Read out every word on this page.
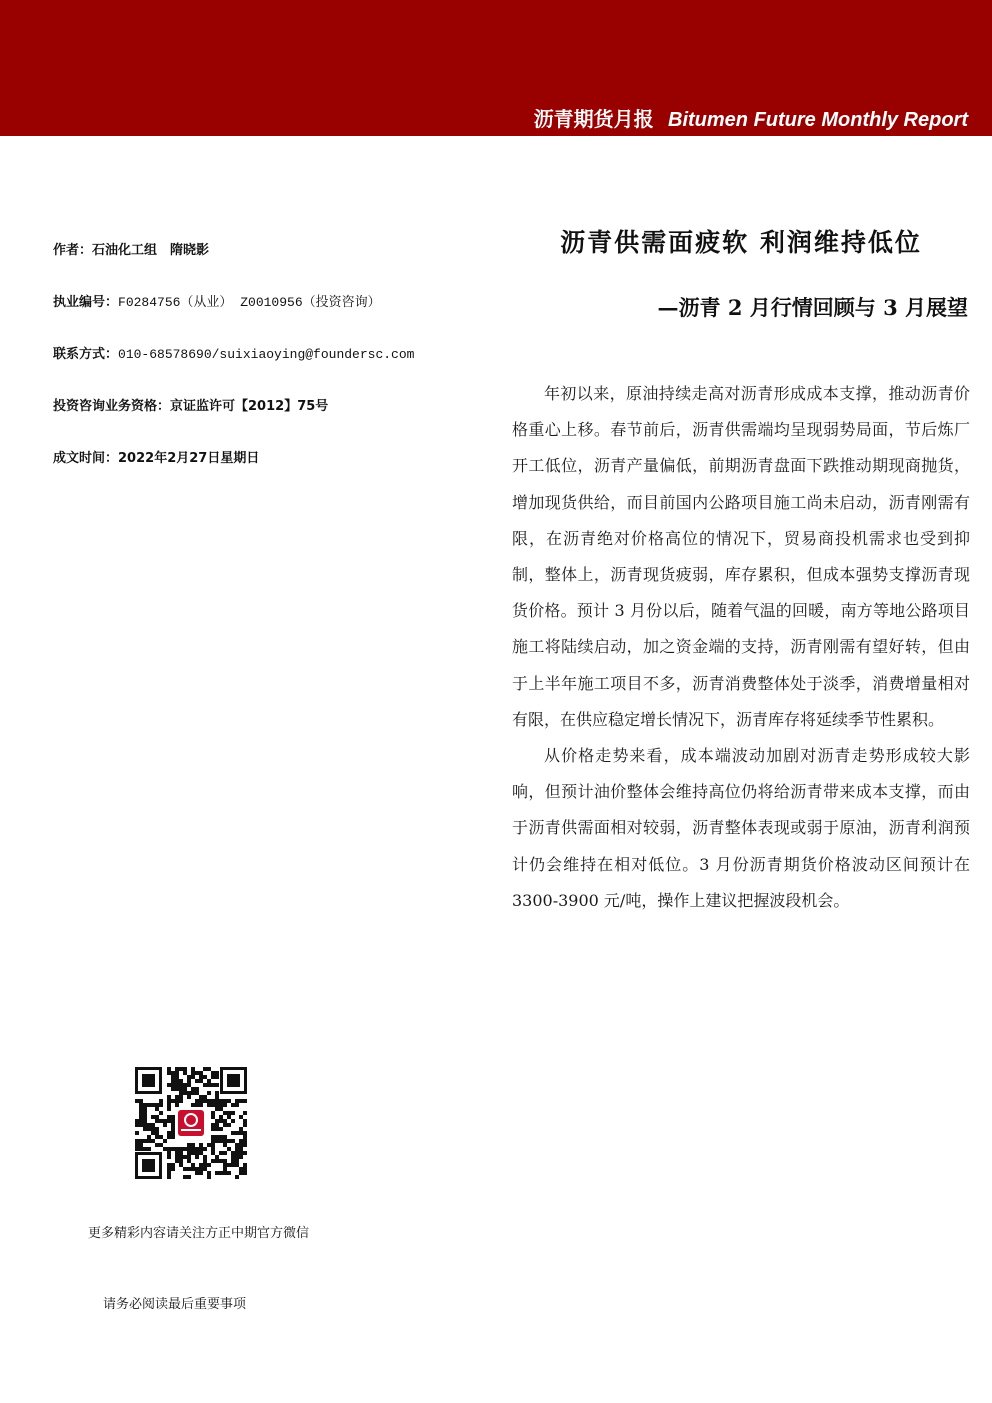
沥青期货月报 Bitumen Future Monthly Report
作者：石油化工组　隋晓影
执业编号：F0284756（从业） Z0010956（投资咨询）
联系方式：010-68578690/suixiaoying@foundersc.com
投资咨询业务资格：京证监许可【2012】75号
成文时间：2022年2月27日星期日
沥青供需面疲软 利润维持低位
—沥青 2 月行情回顾与 3 月展望

年初以来，原油持续走高对沥青形成成本支撑，推动沥青价格重心上移。春节前后，沥青供需端均呈现弱势局面，节后炼厂开工低位，沥青产量偏低，前期沥青盘面下跌推动期现商抛货，增加现货供给，而目前国内公路项目施工尚未启动，沥青刚需有限，在沥青绝对价格高位的情况下，贸易商投机需求也受到抑制，整体上，沥青现货疲弱，库存累积，但成本强势支撑沥青现货价格。预计 3 月份以后，随着气温的回暖，南方等地公路项目施工将陆续启动，加之资金端的支持，沥青刚需有望好转，但由于上半年施工项目不多，沥青消费整体处于淡季，消费增量相对有限，在供应稳定增长情况下，沥青库存将延续季节性累积。

从价格走势来看，成本端波动加剧对沥青走势形成较大影响，但预计油价整体会维持高位仍将给沥青带来成本支撑，而由于沥青供需面相对较弱，沥青整体表现或弱于原油，沥青利润预计仍会维持在相对低位。3 月份沥青期货价格波动区间预计在 3300-3900 元/吨，操作上建议把握波段机会。

更多精彩内容请关注方正中期官方微信
请务必阅读最后重要事项
